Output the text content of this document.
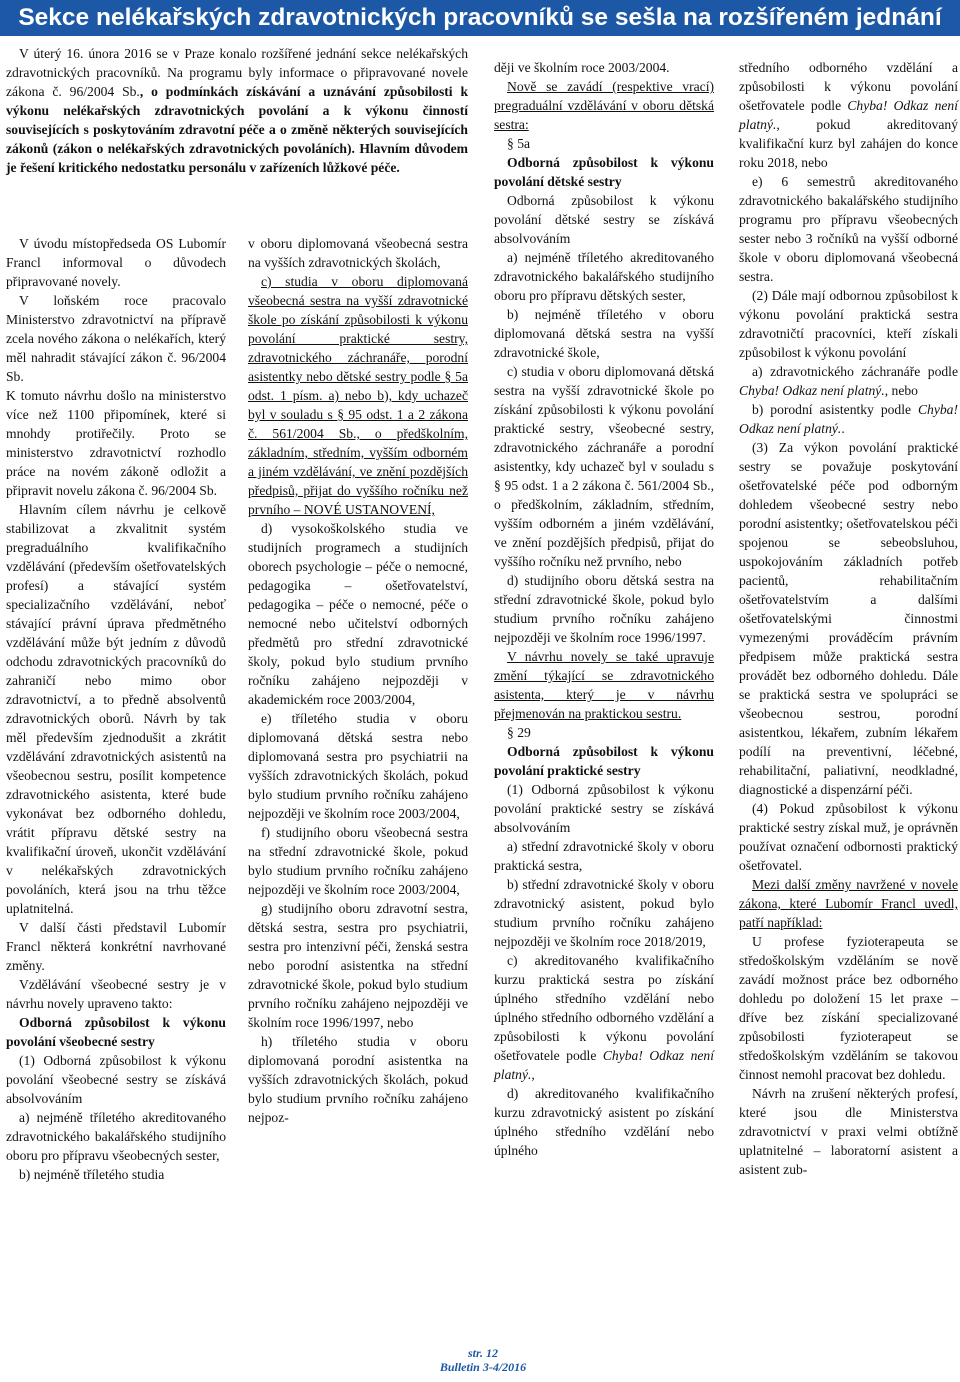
Sekce nelékařských zdravotnických pracovníků se sešla na rozšířeném jednání

V úterý 16. února 2016 se v Praze konalo rozšířené jednání sekce nelékařských zdravotnických pracovníků. Na programu byly informace o připravované novele zákona č. 96/2004 Sb., o podmínkách získávání a uznávání způsobilosti k výkonu nelékařských zdravotnických povolání a k výkonu činností souvisejících s poskytováním zdravotní péče a o změně některých souvisejících zákonů (zákon o nelékařských zdravotnických povoláních). Hlavním důvodem je řešení kritického nedostatku personálu v zařízeních lůžkové péče.

V úvodu místopředseda OS Lubomír Francl informoval o důvodech připravované novely.

V loňském roce pracovalo Ministerstvo zdravotnictví na přípravě zcela nového zákona o nelékařích, který měl nahradit stávající zákon č. 96/2004 Sb.

K tomuto návrhu došlo na ministerstvo více než 1100 připomínek, které si mnohdy protiřečily. Proto se ministerstvo zdravotnictví rozhodlo práce na novém zákoně odložit a připravit novelu zákona č. 96/2004 Sb.

Hlavním cílem návrhu je celkově stabilizovat a zkvalitnit systém pregraduálního kvalifikačního vzdělávání (především ošetřovatelských profesí) a stávající systém specializačního vzdělávání, neboť stávající právní úprava předmětného vzdělávání může být jedním z důvodů odchodu zdravotnických pracovníků do zahraničí nebo mimo obor zdravotnictví, a to předně absolventů zdravotnických oborů. Návrh by tak měl především zjednodušit a zkrátit vzdělávání zdravotnických asistentů na všeobecnou sestru, posílit kompetence zdravotnického asistenta, které bude vykonávat bez odborného dohledu, vrátit přípravu dětské sestry na kvalifikační úroveň, ukončit vzdělávání v nelékařských zdravotnických povoláních, která jsou na trhu těžce uplatnitelná.

V další části představil Lubomír Francl některá konkrétní navrhované změny.

Vzdělávání všeobecné sestry je v návrhu novely upraveno takto:

Odborná způsobilost k výkonu povolání všeobecné sestry

(1) Odborná způsobilost k výkonu povolání všeobecné sestry se získává absolvováním

a) nejméně tříletého akreditovaného zdravotnického bakalářského studijního oboru pro přípravu všeobecných sester,

b) nejméně tříletého studia

v oboru diplomovaná všeobecná sestra na vyšších zdravotnických školách,

c) studia v oboru diplomovaná všeobecná sestra na vyšší zdravotnické škole po získání způsobilosti k výkonu povolání praktické sestry, zdravotnického záchranáře, porodní asistentky nebo dětské sestry podle § 5a odst. 1 písm. a) nebo b), kdy uchazeč byl v souladu s § 95 odst. 1 a 2 zákona č. 561/2004 Sb., o předškolním, základním, středním, vyšším odborném a jiném vzdělávání, ve znění pozdějších předpisů, přijat do vyššího ročníku než prvního – NOVÉ USTANOVENÍ,

d) vysokoškolského studia ve studijních programech a studijních oborech psychologie – péče o nemocné, pedagogika – ošetřovatelství, pedagogika – péče o nemocné, péče o nemocné nebo učitelství odborných předmětů pro střední zdravotnické školy, pokud bylo studium prvního ročníku zahájeno nejpozději v akademickém roce 2003/2004,

e) tříletého studia v oboru diplomovaná dětská sestra nebo diplomovaná sestra pro psychiatrii na vyšších zdravotnických školách, pokud bylo studium prvního ročníku zahájeno nejpozději ve školním roce 2003/2004,

f) studijního oboru všeobecná sestra na střední zdravotnické škole, pokud bylo studium prvního ročníku zahájeno nejpozději ve školním roce 2003/2004,

g) studijního oboru zdravotní sestra, dětská sestra, sestra pro psychiatrii, sestra pro intenzivní péči, ženská sestra nebo porodní asistentka na střední zdravotnické škole, pokud bylo studium prvního ročníku zahájeno nejpozději ve školním roce 1996/1997, nebo

h) tříletého studia v oboru diplomovaná porodní asistentka na vyšších zdravotnických školách, pokud bylo studium prvního ročníku zahájeno nejpoz-

ději ve školním roce 2003/2004.

Nově se zavádí (respektive vrací) pregraduální vzdělávání v oboru dětská sestra:

§ 5a

Odborná způsobilost k výkonu povolání dětské sestry

Odborná způsobilost k výkonu povolání dětské sestry se získává absolvováním

a) nejméně tříletého akreditovaného zdravotnického bakalářského studijního oboru pro přípravu dětských sester,

b) nejméně tříletého v oboru diplomovaná dětská sestra na vyšší zdravotnické škole,

c) studia v oboru diplomovaná dětská sestra na vyšší zdravotnické škole po získání způsobilosti k výkonu povolání praktické sestry, všeobecné sestry, zdravotnického záchranáře a porodní asistentky, kdy uchazeč byl v souladu s § 95 odst. 1 a 2 zákona č. 561/2004 Sb., o předškolním, základním, středním, vyšším odborném a jiném vzdělávání, ve znění pozdějších předpisů, přijat do vyššího ročníku než prvního, nebo

d) studijního oboru dětská sestra na střední zdravotnické škole, pokud bylo studium prvního ročníku zahájeno nejpozději ve školním roce 1996/1997.

V návrhu novely se také upravuje změní týkající se zdravotnického asistenta, který je v návrhu přejmenován na praktickou sestru.

§ 29

Odborná způsobilost k výkonu povolání praktické sestry

(1) Odborná způsobilost k výkonu povolání praktické sestry se získává absolvováním

a) střední zdravotnické školy v oboru praktická sestra,

b) střední zdravotnické školy v oboru zdravotnický asistent, pokud bylo studium prvního ročníku zahájeno nejpozději ve školním roce 2018/2019,

c) akreditovaného kvalifikačního kurzu praktická sestra po získání úplného středního vzdělání nebo úplného středního odborného vzdělání a způsobilosti k výkonu povolání ošetřovatele podle Chyba! Odkaz není platný.,

d) akreditovaného kvalifikačního kurzu zdravotnický asistent po získání úplného středního vzdělání nebo úplného

středního odborného vzdělání a způsobilosti k výkonu povolání ošetřovatele podle Chyba! Odkaz není platný., pokud akreditovaný kvalifikační kurz byl zahájen do konce roku 2018, nebo

e) 6 semestrů akreditovaného zdravotnického bakalářského studijního programu pro přípravu všeobecných sester nebo 3 ročníků na vyšší odborné škole v oboru diplomovaná všeobecná sestra.

(2) Dále mají odbornou způsobilost k výkonu povolání praktická sestra zdravotničtí pracovníci, kteří získali způsobilost k výkonu povolání

a) zdravotnického záchranáře podle Chyba! Odkaz není platný., nebo

b) porodní asistentky podle Chyba! Odkaz není platný..

(3) Za výkon povolání praktické sestry se považuje poskytování ošetřovatelské péče pod odborným dohledem všeobecné sestry nebo porodní asistentky; ošetřovatelskou péči spojenou se sebeobsluhou, uspokojováním základních potřeb pacientů, rehabilitačním ošetřovatelstvím a dalšími ošetřovatelskými činnostmi vymezenými prováděcím právním předpisem může praktická sestra provádět bez odborného dohledu. Dále se praktická sestra ve spolupráci se všeobecnou sestrou, porodní asistentkou, lékařem, zubním lékařem podílí na preventivní, léčebné, rehabilitační, paliativní, neodkladné, diagnostické a dispenzární péči.

(4) Pokud způsobilost k výkonu praktické sestry získal muž, je oprávněn používat označení odbornosti praktický ošetřovatel.

Mezi další změny navržené v novele zákona, které Lubomír Francl uvedl, patří například:

U profese fyzioterapeuta se středoškolským vzděláním se nově zavádí možnost práce bez odborného dohledu po doložení 15 let praxe – dříve bez získání specializované způsobilosti fyzioterapeut se středoškolským vzděláním se takovou činnost nemohl pracovat bez dohledu.

Návrh na zrušení některých profesí, které jsou dle Ministerstva zdravotnictví v praxi velmi obtížně uplatnitelné – laboratorní asistent a asistent zub-

str. 12
Bulletin 3-4/2016
